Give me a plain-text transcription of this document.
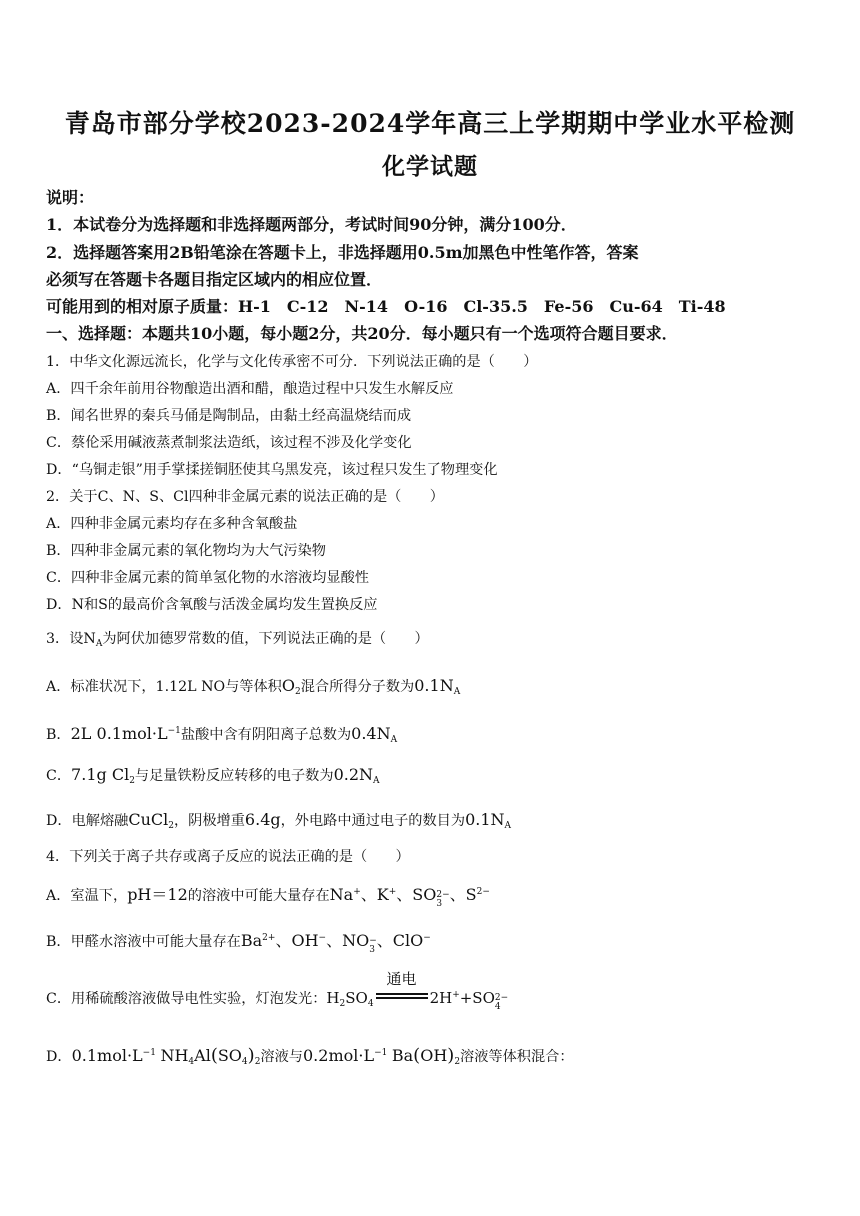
青岛市部分学校2023-2024学年高三上学期期中学业水平检测
化学试题
说明：
1．本试卷分为选择题和非选择题两部分，考试时间90分钟，满分100分．
2．选择题答案用2B铅笔涂在答题卡上，非选择题用0.5m加黑色中性笔作答，答案
必须写在答题卡各题目指定区域内的相应位置．
可能用到的相对原子质量：H-1　C-12　N-14　O-16　Cl-35.5　Fe-56　Cu-64　Ti-48
一、选择题：本题共10小题，每小题2分，共20分．每小题只有一个选项符合题目要求．
1．中华文化源远流长，化学与文化传承密不可分．下列说法正确的是（　　）
A．四千余年前用谷物酿造出酒和醋，酿造过程中只发生水解反应
B．闻名世界的秦兵马俑是陶制品，由黏土经高温烧结而成
C．蔡伦采用碱液蒸煮制浆法造纸，该过程不涉及化学变化
D．“乌铜走银”用手掌揉搓铜胚使其乌黑发亮，该过程只发生了物理变化
2．关于C、N、S、Cl四种非金属元素的说法正确的是（　　）
A．四种非金属元素均存在多种含氧酸盐
B．四种非金属元素的氧化物均为大气污染物
C．四种非金属元素的简单氢化物的水溶液均显酸性
D．N和S的最高价含氧酸与活泼金属均发生置换反应
3．设$N_A$为阿伏加德罗常数的值，下列说法正确的是（　　）
A．标准状况下，1.12L NO与等体积$O_2$混合所得分子数为$0.1N_A$
B．2L $0.1mol\cdot L^{-1}$盐酸中含有阴阳离子总数为$0.4N_A$
C．7.1g $Cl_2$与足量铁粉反应转移的电子数为$0.2N_A$
D．电解熔融CuCl$_2$，阴极增重6.4g，外电路中通过电子的数目为$0.1N_A$
4．下列关于离子共存或离子反应的说法正确的是（　　）
A．室温下，pH＝12的溶液中可能大量存在Na+、K+、SO 2−
3 、$S^{2-}$
B．甲醛水溶液中可能大量存在$Ba^{2+}$、OH−、NO −
3 、ClO−
C．用稀硫酸溶液做导电性实验，灯泡发光：$H_2SO_4$
通电
2H++SO 2−
4
D．$0.1mol\cdot L^{-1}$ $NH_4Al(SO_4)_2$溶液与$0.2mol\cdot L^{-1}$ $Ba(OH)_2$溶液等体积混合：
